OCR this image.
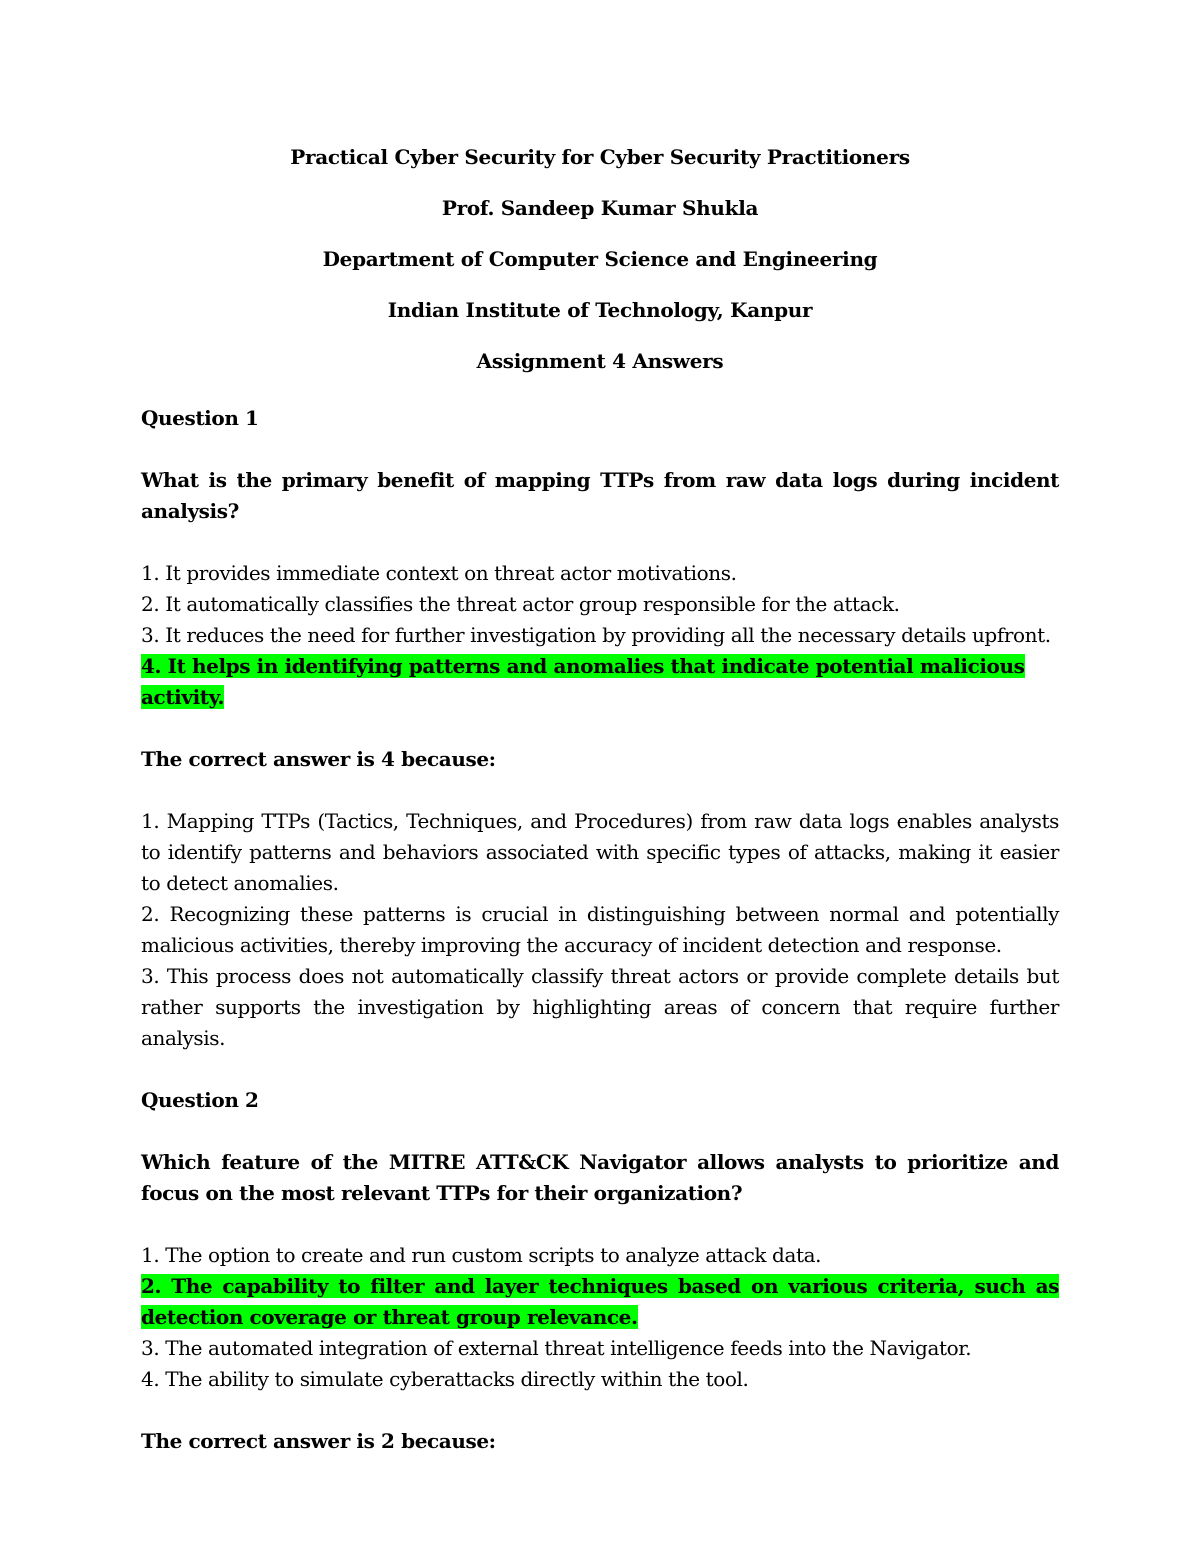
Practical Cyber Security for Cyber Security Practitioners

Prof. Sandeep Kumar Shukla

Department of Computer Science and Engineering

Indian Institute of Technology, Kanpur

Assignment 4 Answers

Question 1

What is the primary benefit of mapping TTPs from raw data logs during incident analysis?

1. It provides immediate context on threat actor motivations.

2. It automatically classifies the threat actor group responsible for the attack.

3. It reduces the need for further investigation by providing all the necessary details upfront.

4. It helps in identifying patterns and anomalies that indicate potential malicious activity.

The correct answer is 4 because:

1. Mapping TTPs (Tactics, Techniques, and Procedures) from raw data logs enables analysts to identify patterns and behaviors associated with specific types of attacks, making it easier to detect anomalies.

2. Recognizing these patterns is crucial in distinguishing between normal and potentially malicious activities, thereby improving the accuracy of incident detection and response.

3. This process does not automatically classify threat actors or provide complete details but rather supports the investigation by highlighting areas of concern that require further analysis.

Question 2

Which feature of the MITRE ATT&CK Navigator allows analysts to prioritize and focus on the most relevant TTPs for their organization?

1. The option to create and run custom scripts to analyze attack data.

2. The capability to filter and layer techniques based on various criteria, such as detection coverage or threat group relevance.

3. The automated integration of external threat intelligence feeds into the Navigator.

4. The ability to simulate cyberattacks directly within the tool.

The correct answer is 2 because:
